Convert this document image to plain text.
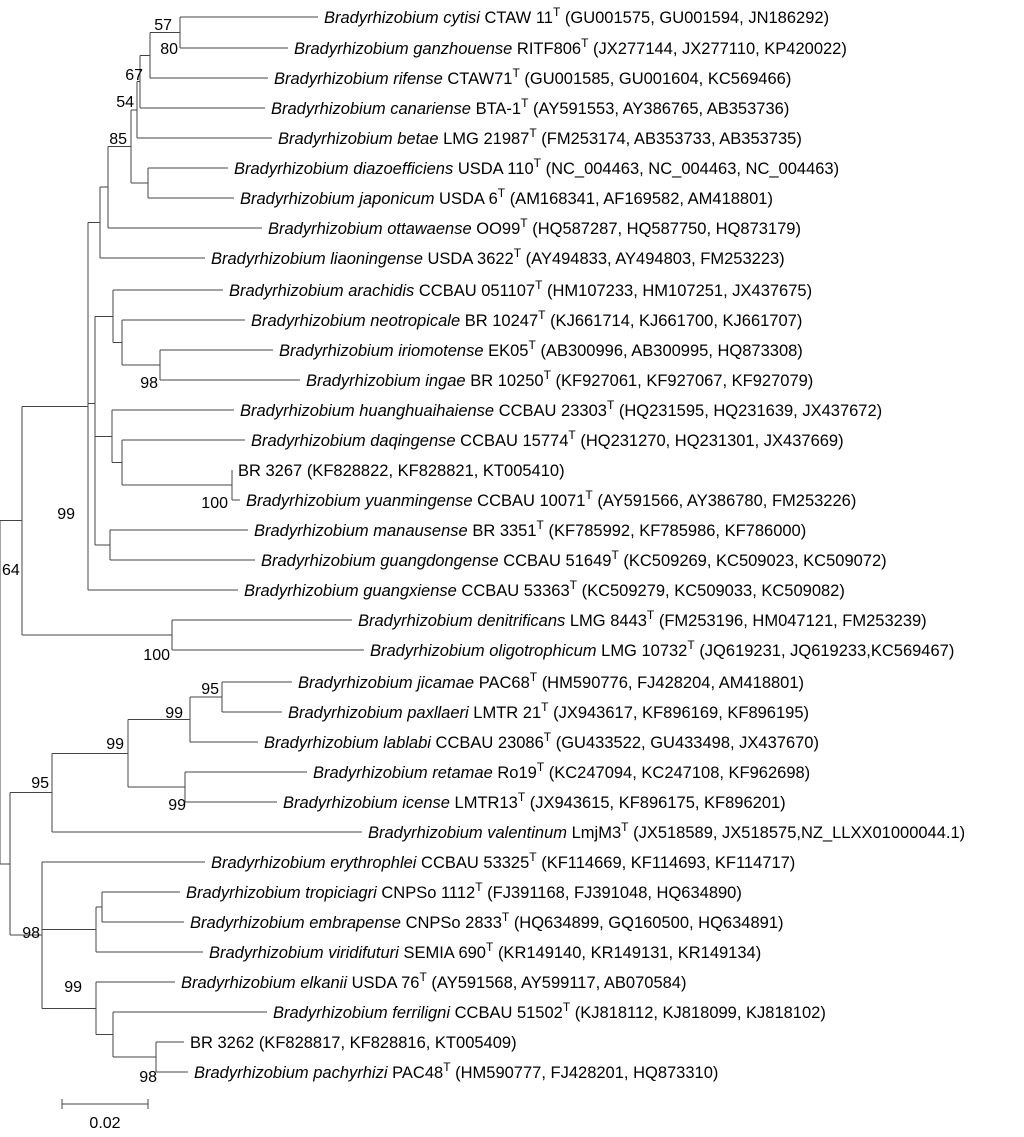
Bradyrhizobium cytisi CTAW $11^T$ (GU001575, GU001594, JN186292)
Bradyrhizobium ganzhouense $RITF806^T$ (JX277144, JX277110, KP420022)
Bradyrhizobium rifense $CTAW71^T$ (GU001585, GU001604, KC569466)
Bradyrhizobium canariense BTA-$1^T$ (AY591553, AY386765, AB353736)
Bradyrhizobium betae LMG $21987^T$ (FM253174, AB353733, AB353735)
Bradyrhizobium diazoefficiens USDA $110^T$ (NC_004463, NC_004463, NC_004463)
Bradyrhizobium japonicum USDA $6^T$ (AM168341, AF169582, AM418801)
Bradyrhizobium ottawaense $OO99^T$ (HQ587287, HQ587750, HQ873179)
Bradyrhizobium liaoningense USDA $3622^T$ (AY494833, AY494803, FM253223)
Bradyrhizobium arachidis CCBAU $051107^T$ (HM107233, HM107251, JX437675)
Bradyrhizobium neotropicale BR $10247^T$ (KJ661714, KJ661700, KJ661707)
Bradyrhizobium iriomotense $EK05^T$ (AB300996, AB300995, HQ873308)
Bradyrhizobium ingae BR $10250^T$ (KF927061, KF927067, KF927079)
Bradyrhizobium huanghuaihaiense CCBAU $23303^T$ (HQ231595, HQ231639, JX437672)
Bradyrhizobium daqingense CCBAU $15774^T$ (HQ231270, HQ231301, JX437669)
BR 3267 (KF828822, KF828821, KT005410)
Bradyrhizobium yuanmingense CCBAU $10071^T$ (AY591566, AY386780, FM253226)
Bradyrhizobium manausense BR $3351^T$ (KF785992, KF785986, KF786000)
Bradyrhizobium guangdongense CCBAU $51649^T$ (KC509269, KC509023, KC509072)
Bradyrhizobium guangxiense CCBAU $53363^T$ (KC509279, KC509033, KC509082)
Bradyrhizobium denitrificans LMG $8443^T$ (FM253196, HM047121, FM253239)
Bradyrhizobium oligotrophicum LMG $10732^T$ (JQ619231, JQ619233,KC569467)
Bradyrhizobium jicamae $PAC68^T$ (HM590776, FJ428204, AM418801)
Bradyrhizobium paxllaeri LMTR $21^T$ (JX943617, KF896169, KF896195)
Bradyrhizobium lablabi CCBAU $23086^T$ (GU433522, GU433498, JX437670)
Bradyrhizobium retamae $Ro19^T$ (KC247094, KC247108, KF962698)
Bradyrhizobium icense $LMTR13^T$ (JX943615, KF896175, KF896201)
Bradyrhizobium valentinum $LmjM3^T$ (JX518589, JX518575,NZ_LLXX01000044.1)
Bradyrhizobium erythrophlei CCBAU $53325^T$ (KF114669, KF114693, KF114717)
Bradyrhizobium tropiciagri CNPSo $1112^T$ (FJ391168, FJ391048, HQ634890)
Bradyrhizobium embrapense CNPSo $2833^T$ (HQ634899, GQ160500, HQ634891)
Bradyrhizobium viridifuturi SEMIA $690^T$ (KR149140, KR149131, KR149134)
Bradyrhizobium elkanii USDA $76^T$ (AY591568, AY599117, AB070584)
Bradyrhizobium ferriligni CCBAU $51502^T$ (KJ818112, KJ818099, KJ818102)
BR 3262 (KF828817, KF828816, KT005409)
Bradyrhizobium pachyrhizi $PAC48^T$ (HM590777, FJ428201, HQ873310)
57
80
67
54
85
98
100
99
64
100
95
99
99
99
95
98
99
98
0.02
